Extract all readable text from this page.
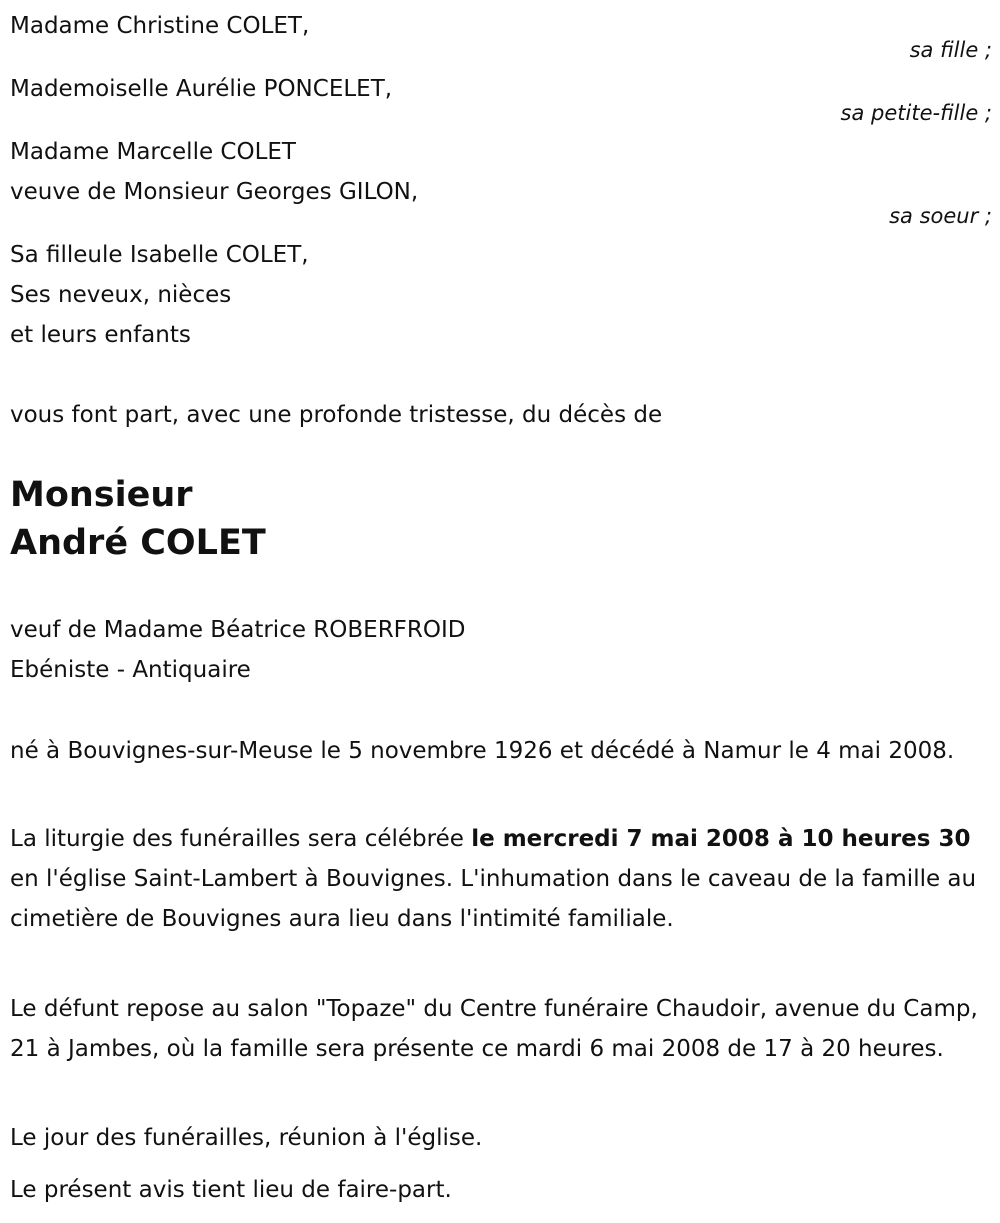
Madame Christine COLET,
sa fille ;
Mademoiselle Aurélie PONCELET,
sa petite-fille ;
Madame Marcelle COLET
veuve de Monsieur Georges GILON,
sa soeur ;
Sa filleule Isabelle COLET,
Ses neveux, nièces
et leurs enfants
vous font part, avec une profonde tristesse, du décès de
Monsieur
André COLET
veuf de Madame Béatrice ROBERFROID
Ebéniste - Antiquaire
né à Bouvignes-sur-Meuse le 5 novembre 1926 et décédé à Namur le 4 mai 2008.
La liturgie des funérailles sera célébrée le mercredi 7 mai 2008 à 10 heures 30 en l'église Saint-Lambert à Bouvignes. L'inhumation dans le caveau de la famille au cimetière de Bouvignes aura lieu dans l'intimité familiale.
Le défunt repose au salon "Topaze" du Centre funéraire Chaudoir, avenue du Camp, 21 à Jambes, où la famille sera présente ce mardi 6 mai 2008 de 17 à 20 heures.
Le jour des funérailles, réunion à l'église.
Le présent avis tient lieu de faire-part.
